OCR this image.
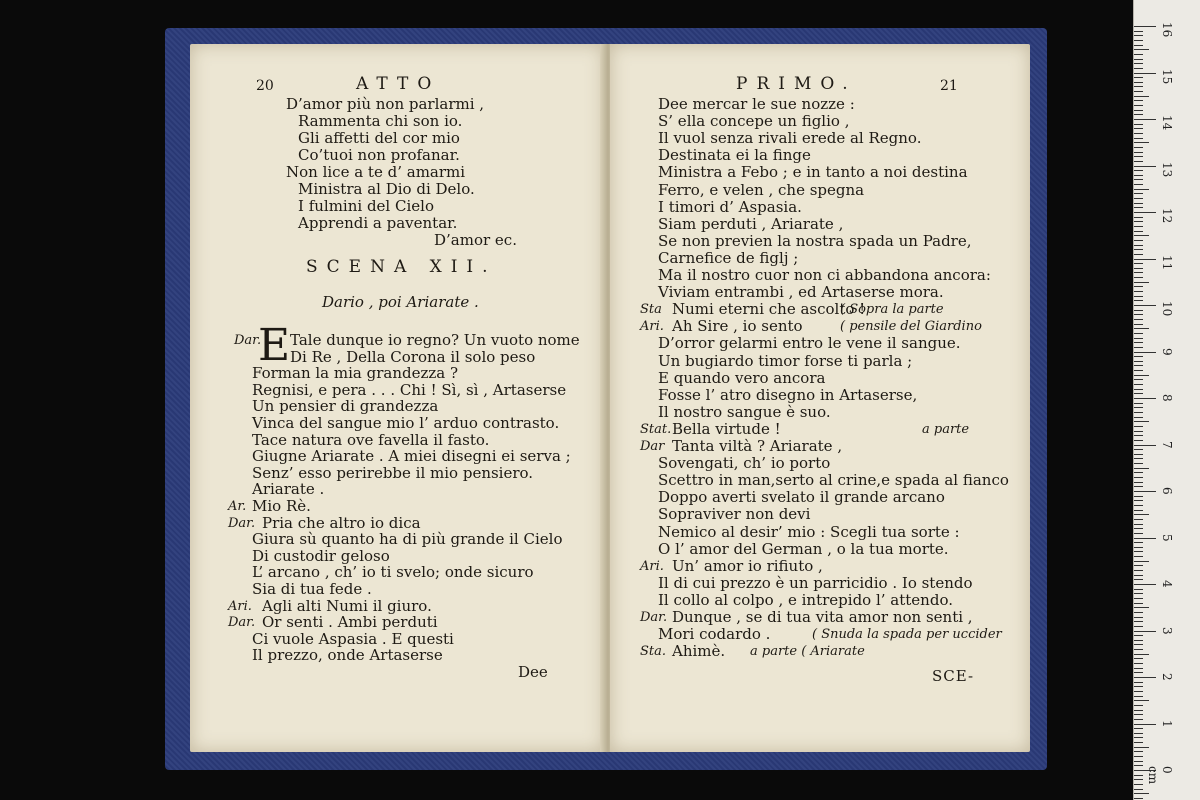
20	ATTO
D’amor più non parlarmi ,
Rammenta chi son io.
Gli affetti del cor mio
Co’tuoi non profanar.
Non lice a te d’ amarmi
Ministra al Dio di Delo.
I fulmini del Cielo
Apprendi a paventar.
D’amor ec.
SCENA XII.
Dario , poi Ariarate .
E
Dar. Tale dunque io regno? Un vuoto nome
Di Re , Della Corona il solo peso
Forman la mia grandezza ?
Regnisi, e pera . . . Chi ! Sì, sì , Artaserse
Un pensier di grandezza
Vinca del sangue mio l’ arduo contrasto.
Tace natura ove favella il fasto.
Giugne Ariarate . A miei disegni ei serva ;
Senz’ esso perirebbe il mio pensiero.
Ariarate .
Ar. Mio Rè.
Dar. Pria che altro io dica
Giura sù quanto ha di più grande il Cielo
Di custodir geloso
L’ arcano , ch’ io ti svelo; onde sicuro
Sia di tua fede .
Ari. Agli alti Numi il giuro.
Dar. Or senti . Ambi perduti
Ci vuole Aspasia . E questi
Il prezzo, onde Artaserse
Dee
PRIMO.	21
Dee mercar le sue nozze :
S’ ella concepe un figlio ,
Il vuol senza rivali erede al Regno.
Destinata ei la finge
Ministra a Febo ; e in tanto a noi destina
Ferro, e velen , che spegna
I timori d’ Aspasia.
Siam perduti , Ariarate ,
Se non previen la nostra spada un Padre,
Carnefice de figlj ;
Ma il nostro cuor non ci abbandona ancora:
Viviam entrambi , ed Artaserse mora.
Sta Numi eterni che ascolto !
( Sopra la parte
Ari. Ah Sire , io sento	( pensile del Giardino
D’orror gelarmi entro le vene il sangue.
Un bugiardo timor forse ti parla ;
E quando vero ancora
Fosse l’ atro disegno in Artaserse,
Il nostro sangue è suo.
Stat. Bella virtude !	a parte
Dar Tanta viltà ? Ariarate ,
Sovengati, ch’ io porto
Scettro in man,serto al crine,e spada al fianco
Doppo averti svelato il grande arcano
Sopraviver non devi
Nemico al desir’ mio : Scegli tua sorte :
O l’ amor del German , o la tua morte.
Ari. Un’ amor io rifiuto ,
Il di cui prezzo è un parricidio . Io stendo
Il collo al colpo , e intrepido l’ attendo.
Dar. Dunque , se di tua vita amor non senti ,
Mori codardo .	( Snuda la spada per uccider
Sta. Ahimè. a parte ( Ariarate
SCE-
16
15
14
13
12
11
10
9
8
7
6
5
4
3
2
1
0 cm
